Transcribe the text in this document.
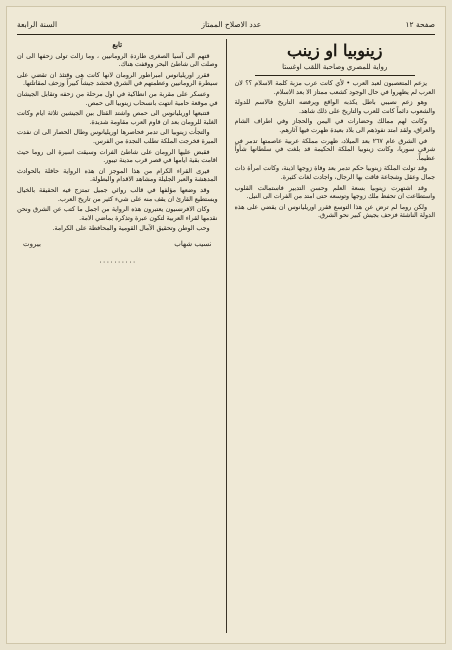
صفحة ١٢
عدد الاصلاح الممتاز
السنة الرابعة
زينوبيا او زينب
رواية للمصري وصاحبة اللقب اوغستا

يزعم المتعصبون لعبد العرب • لأي كانت عرب مزبة كلمة الاسلام ؟؟ لان العرب لم يظهروا في حال الوجود كشعب ممتاز الا بعد الاسلام.

وهو زعم نصيبي باطل يكذبه الواقع ويرفضه التاريخ فالاسم للدولة والشعوب دائماً كانت للعرب والتاريخ على ذلك شاهد.

وكانت لهم ممالك وحضارات في اليمن والحجاز وفي اطراف الشام والعراق، ولقد امتد نفوذهم الى بلاد بعيدة ظهرت فيها آثارهم.

في الشرق عام ٢٦٧ بعد الميلاد، ظهرت مملكة عربية عاصمتها تدمر في شرقي سوريا، وكانت زينوبيا الملكة الحكيمة قد بلغت في سلطانها شأواً عظيماً.

وقد تولت الملكة زينوبيا حكم تدمر بعد وفاة زوجها اذينة، وكانت امرأة ذات جمال وعقل وشجاعة فاقت بها الرجال، واجادت لغات كثيرة.

وقد اشتهرت زينوبيا بسعة العلم وحسن التدبير فاستمالت القلوب واستطاعت ان تحفظ ملك زوجها وتوسعه حتى امتد من الفرات الى النيل.

ولكن روما لم ترض عن هذا التوسع فقرر اوريليانوس ان يقضي على هذه الدولة الناشئة فزحف بجيش كبير نحو الشرق.

تابع

قتهم الى آسيا الصغرى طاردة الرومانيين ، وما زالت تولى زحفها الى ان وصلت الى شاطئ البحر ووقفت هناك.

فقرر اوريليانوس امبراطور الرومان لانها كانت هى وقتئذ ان تقضي على سيطرة الرومانيين وعظمتهم في الشرق فحشد جيشاً كبيراً وزحف لمقاتلتها.

وعسكر على مقربة من انطاكية في اول مرحلة من زحفه وتقابل الجيشان في موقعة حامية انتهت بانسحاب زينوبيا الى حمص.

فتتبعها اوريليانوس الى حمص واشتد القتال بين الجيشين ثلاثة ايام وكانت الغلبة للرومان بعد ان قاوم العرب مقاومة شديدة.

والتجأت زينوبيا الى تدمر فحاصرها اوريليانوس وطال الحصار الى ان نفدت الميرة فخرجت الملكة تطلب النجدة من الفرس.

فقبض عليها الرومان على شاطئ الفرات وسيقت اسيرة الى روما حيث اقامت بقية ايامها في قصر قرب مدينة تيبور.

فيرى القراء الكرام من هذا الموجز ان هذه الرواية حافلة بالحوادث المدهشة والعبر الجليلة ومشاهد الاقدام والبطولة.

وقد وضعها مؤلفها في قالب روائي جميل تمتزج فيه الحقيقة بالخيال ويستطيع القارئ ان يقف منه على شيء كثير من تاريخ العرب.

وكان الافرنسيون يعتبرون هذه الرواية من اجمل ما كتب عن الشرق ونحن نقدمها لقراء العربية لتكون عبرة وتذكرة بماضي الامة.

وحب الوطن وتحقيق الآمال القومية والمحافظة على الكرامة.

نسيب شهاب
بيروت
٠٠٠٠٠٠٠٠٠٠
